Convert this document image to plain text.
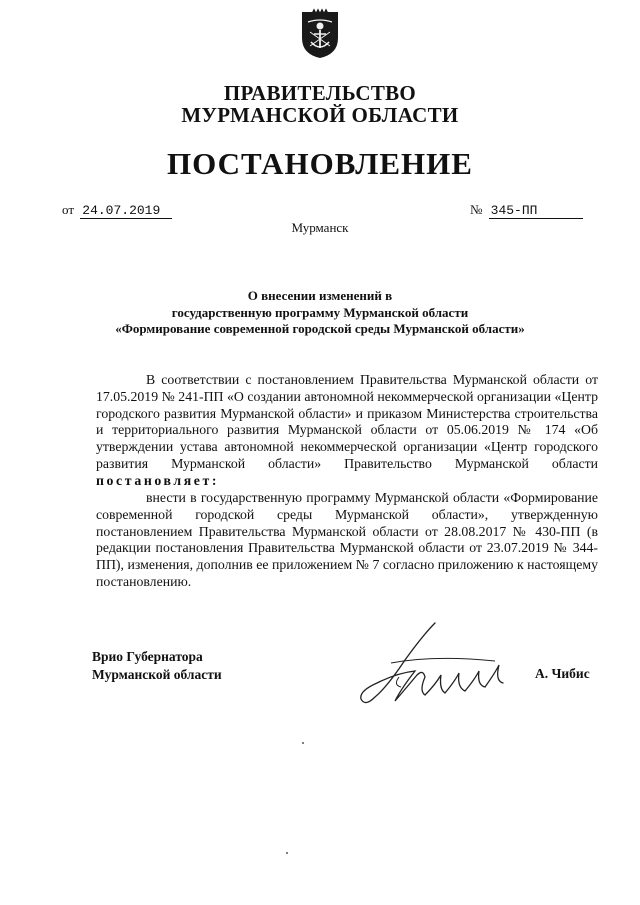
ПРАВИТЕЛЬСТВО
МУРМАНСКОЙ ОБЛАСТИ
ПОСТАНОВЛЕНИЕ
от 24.07.2019	№ 345-ПП
Мурманск
О внесении изменений в
государственную программу Мурманской области
«Формирование современной городской среды Мурманской области»
В соответствии с постановлением Правительства Мурманской области от 17.05.2019 № 241-ПП «О создании автономной некоммерческой организации «Центр городского развития Мурманской области» и приказом Министерства строительства и территориального развития Мурманской области от 05.06.2019 № 174 «Об утверждении устава автономной некоммерческой организации «Центр городского развития Мурманской области» Правительство Мурманской области постановляет:
внести в государственную программу Мурманской области «Формирование современной городской среды Мурманской области», утвержденную постановлением Правительства Мурманской области от 28.08.2017 № 430-ПП (в редакции постановления Правительства Мурманской области от 23.07.2019 № 344-ПП), изменения, дополнив ее приложением № 7 согласно приложению к настоящему постановлению.
Врио Губернатора
Мурманской области	А. Чибис
